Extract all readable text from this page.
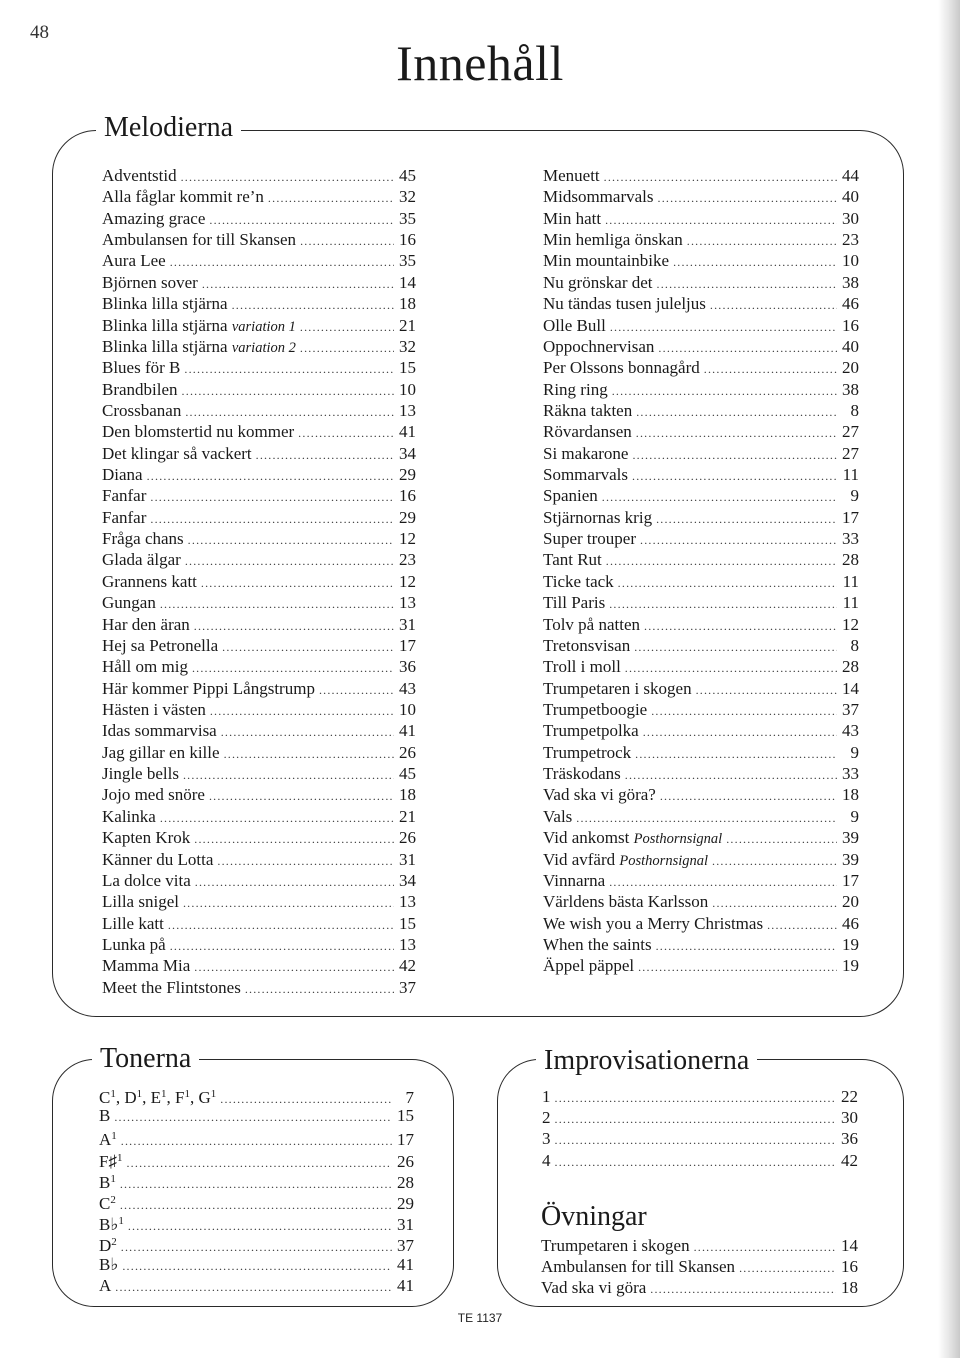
48
Innehåll
Melodierna
Adventstid .....	45
Alla fåglar kommit re’n .....	32
Amazing grace .....	35
Ambulansen for till Skansen .....	16
Aura Lee .....	35
Björnen sover .....	14
Blinka lilla stjärna .....	18
Blinka lilla stjärna variation 1 .....	21
Blinka lilla stjärna variation 2 .....	32
Blues för B .....	15
Brandbilen .....	10
Crossbanan .....	13
Den blomstertid nu kommer .....	41
Det klingar så vackert .....	34
Diana .....	29
Fanfar .....	16
Fanfar .....	29
Fråga chans .....	12
Glada älgar .....	23
Grannens katt .....	12
Gungan .....	13
Har den äran .....	31
Hej sa Petronella .....	17
Håll om mig .....	36
Här kommer Pippi Långstrump .....	43
Hästen i västen .....	10
Idas sommarvisa .....	41
Jag gillar en kille .....	26
Jingle bells .....	45
Jojo med snöre .....	18
Kalinka .....	21
Kapten Krok .....	26
Känner du Lotta .....	31
La dolce vita .....	34
Lilla snigel .....	13
Lille katt .....	15
Lunka på .....	13
Mamma Mia .....	42
Meet the Flintstones .....	37
Menuett .....	44
Midsommarvals .....	40
Min hatt .....	30
Min hemliga önskan .....	23
Min mountainbike .....	10
Nu grönskar det .....	38
Nu tändas tusen juleljus .....	46
Olle Bull .....	16
Oppochnervisan .....	40
Per Olssons bonnagård .....	20
Ring ring .....	38
Räkna takten .....	8
Rövardansen .....	27
Si makarone .....	27
Sommarvals .....	11
Spanien .....	9
Stjärnornas krig .....	17
Super trouper .....	33
Tant Rut .....	28
Ticke tack .....	11
Till Paris .....	11
Tolv på natten .....	12
Tretonsvisan .....	8
Troll i moll .....	28
Trumpetaren i skogen .....	14
Trumpetboogie .....	37
Trumpetpolka .....	43
Trumpetrock .....	9
Träskodans .....	33
Vad ska vi göra? .....	18
Vals .....	9
Vid ankomst Posthornsignal .....	39
Vid avfärd Posthornsignal .....	39
Vinnarna .....	17
Världens bästa Karlsson .....	20
We wish you a Merry Christmas .....	46
When the saints .....	19
Äppel päppel .....	19
Tonerna
$C^1$, $D^1$, $E^1$, $F^1$, $G^1$ .....	7
B .....	15
$A^1$ .....	17
F♯$^1$ .....	26
$B^1$ .....	28
$C^2$ .....	29
B♭$^1$ .....	31
$D^2$ .....	37
B♭ .....	41
A .....	41
Improvisationerna
1 .....	22
2 .....	30
3 .....	36
4 .....	42
Övningar
Trumpetaren i skogen .....	14
Ambulansen for till Skansen .....	16
Vad ska vi göra .....	18
TE 1137
